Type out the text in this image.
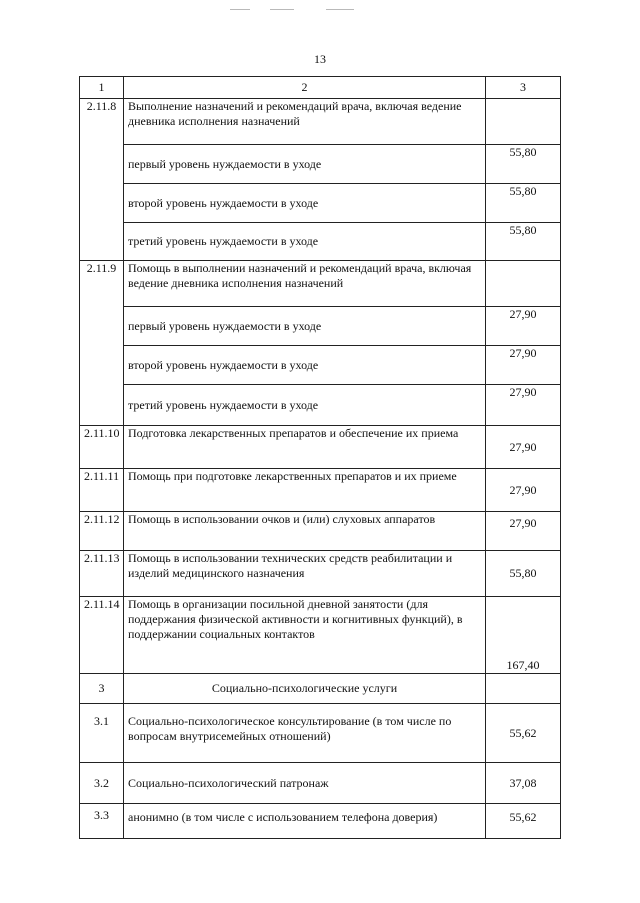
13
1	2	3
2.11.8	Выполнение назначений и рекомендаций врача, включая ведение дневника исполнения назначений	
	первый уровень нуждаемости в уходе	55,80
	второй уровень нуждаемости в уходе	55,80
	третий уровень нуждаемости в уходе	55,80
2.11.9	Помощь в выполнении назначений и рекомендаций врача, включая ведение дневника исполнения назначений	
	первый уровень нуждаемости в уходе	27,90
	второй уровень нуждаемости в уходе	27,90
	третий уровень нуждаемости в уходе	27,90
2.11.10	Подготовка лекарственных препаратов и обеспечение их приема	27,90
2.11.11	Помощь при подготовке лекарственных препаратов и их приеме	27,90
2.11.12	Помощь в использовании очков и (или) слуховых аппаратов	27,90
2.11.13	Помощь в использовании технических средств реабилитации и изделий медицинского назначения	55,80
2.11.14	Помощь в организации посильной дневной занятости (для поддержания физической активности и когнитивных функций), в поддержании социальных контактов	167,40
3	Социально-психологические услуги	
3.1	Социально-психологическое консультирование (в том числе по вопросам внутрисемейных отношений)	55,62
3.2	Социально-психологический патронаж	37,08
3.3	анонимно (в том числе с использованием телефона доверия)	55,62
